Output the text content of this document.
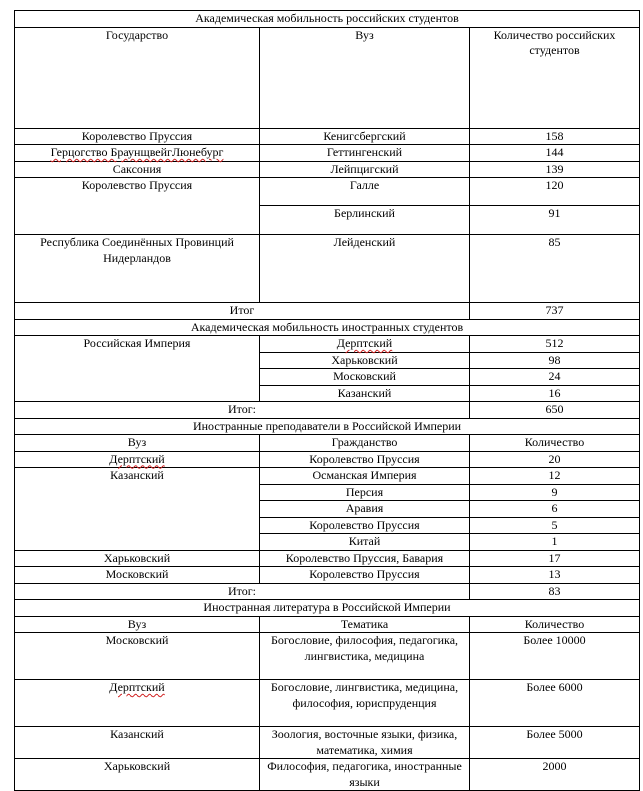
Академическая мобильность российских студентов		
Государство	Вуз	Количество российских студентов
Королевство Пруссия	Кенигсбергский	158
Герцогство БраунщвейгЛюнебург	Геттингенский	144
Саксония	Лейпцигский	139
Королевство Пруссия	Галле	120
	Берлинский	91
Республика Соединённых Провинций Нидерландов	Лейденский	85
Итог		737
Академическая мобильность иностранных студентов		
Российская Империя	Дерптский	512
	Харьковский	98
	Московский	24
	Казанский	16
Итог:		650
Иностранные преподаватели в Российской Империи		
Вуз	Гражданство	Количество
Дерптский	Королевство Пруссия	20
Казанский	Османская Империя	12
	Персия	9
	Аравия	6
	Королевство Пруссия	5
	Китай	1
Харьковский	Королевство Пруссия, Бавария	17
Московский	Королевство Пруссия	13
Итог:		83
Иностранная литература в Российской Империи		
Вуз	Тематика	Количество
Московский	Богословие, философия, педагогика, лингвистика, медицина	Более 10000
Дерптский	Богословие, лингвистика, медицина, философия, юриспруденция	Более 6000
Казанский	Зоология, восточные языки, физика, математика, химия	Более 5000
Харьковский	Философия, педагогика, иностранные языки	2000
